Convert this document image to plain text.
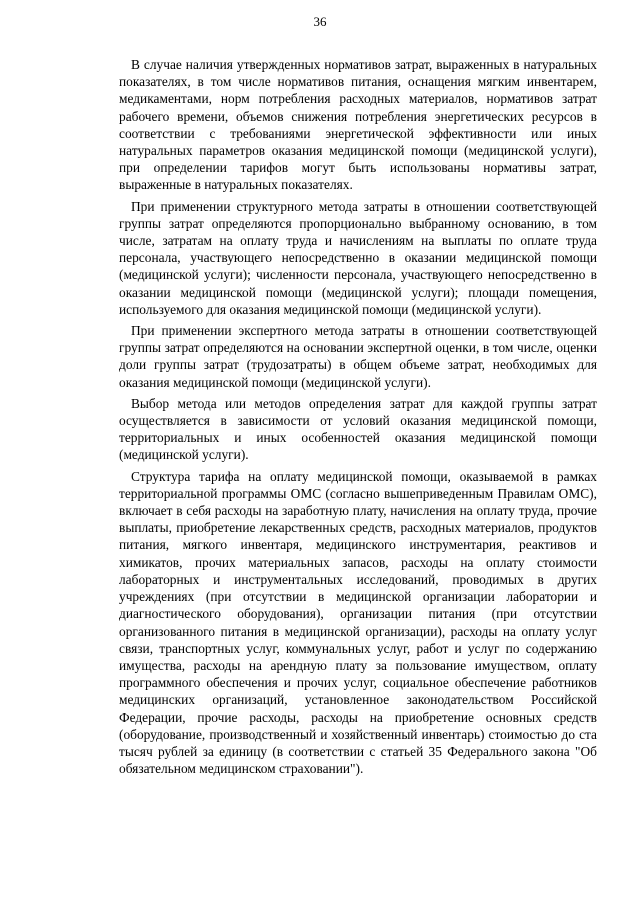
36

В случае наличия утвержденных нормативов затрат, выраженных в натуральных показателях, в том числе нормативов питания, оснащения мягким инвентарем, медикаментами, норм потребления расходных материалов, нормативов затрат рабочего времени, объемов снижения потребления энергетических ресурсов в соответствии с требованиями энергетической эффективности или иных натуральных параметров оказания медицинской помощи (медицинской услуги), при определении тарифов могут быть использованы нормативы затрат, выраженные в натуральных показателях.

При применении структурного метода затраты в отношении соответствующей группы затрат определяются пропорционально выбранному основанию, в том числе, затратам на оплату труда и начислениям на выплаты по оплате труда персонала, участвующего непосредственно в оказании медицинской помощи (медицинской услуги); численности персонала, участвующего непосредственно в оказании медицинской помощи (медицинской услуги); площади помещения, используемого для оказания медицинской помощи (медицинской услуги).

При применении экспертного метода затраты в отношении соответствующей группы затрат определяются на основании экспертной оценки, в том числе, оценки доли группы затрат (трудозатраты) в общем объеме затрат, необходимых для оказания медицинской помощи (медицинской услуги).

Выбор метода или методов определения затрат для каждой группы затрат осуществляется в зависимости от условий оказания медицинской помощи, территориальных и иных особенностей оказания медицинской помощи (медицинской услуги).

Структура тарифа на оплату медицинской помощи, оказываемой в рамках территориальной программы ОМС (согласно вышеприведенным Правилам ОМС), включает в себя расходы на заработную плату, начисления на оплату труда, прочие выплаты, приобретение лекарственных средств, расходных материалов, продуктов питания, мягкого инвентаря, медицинского инструментария, реактивов и химикатов, прочих материальных запасов, расходы на оплату стоимости лабораторных и инструментальных исследований, проводимых в других учреждениях (при отсутствии в медицинской организации лаборатории и диагностического оборудования), организации питания (при отсутствии организованного питания в медицинской организации), расходы на оплату услуг связи, транспортных услуг, коммунальных услуг, работ и услуг по содержанию имущества, расходы на арендную плату за пользование имуществом, оплату программного обеспечения и прочих услуг, социальное обеспечение работников медицинских организаций, установленное законодательством Российской Федерации, прочие расходы, расходы на приобретение основных средств (оборудование, производственный и хозяйственный инвентарь) стоимостью до ста тысяч рублей за единицу (в соответствии с статьей 35 Федерального закона "Об обязательном медицинском страховании").
